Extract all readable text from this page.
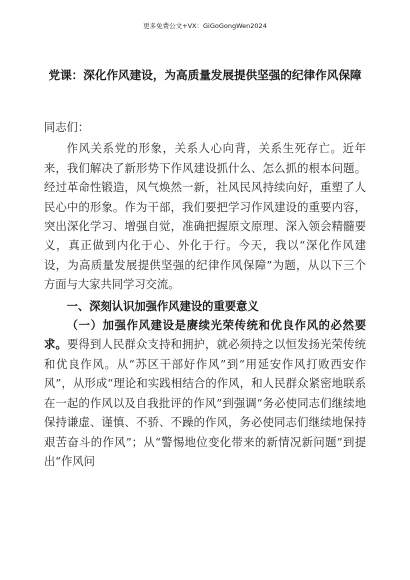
更多免费公文+VX：GiGoGongWen2024
党课：深化作风建设，为高质量发展提供坚强的纪律作风保障

同志们：

作风关系党的形象，关系人心向背，关系生死存亡。近年来，我们解决了新形势下作风建设抓什么、怎么抓的根本问题。经过革命性锻造，风气焕然一新，社风民风持续向好，重塑了人民心中的形象。作为干部，我们要把学习作风建设的重要内容，突出深化学习、增强自觉，准确把握原文原理、深入领会精髓要义，真正做到内化于心、外化于行。今天，我以“深化作风建设，为高质量发展提供坚强的纪律作风保障”为题，从以下三个方面与大家共同学习交流。

一、深刻认识加强作风建设的重要意义

（一）加强作风建设是赓续光荣传统和优良作风的必然要求。要得到人民群众支持和拥护，就必须持之以恒发扬光荣传统和优良作风。从“苏区干部好作风”到“用延安作风打败西安作风”，从形成“理论和实践相结合的作风，和人民群众紧密地联系在一起的作风以及自我批评的作风”到强调“务必使同志们继续地保持谦虚、谨慎、不骄、不躁的作风，务必使同志们继续地保持艰苦奋斗的作风”；从“警惕地位变化带来的新情况新问题”到提出“作风问
